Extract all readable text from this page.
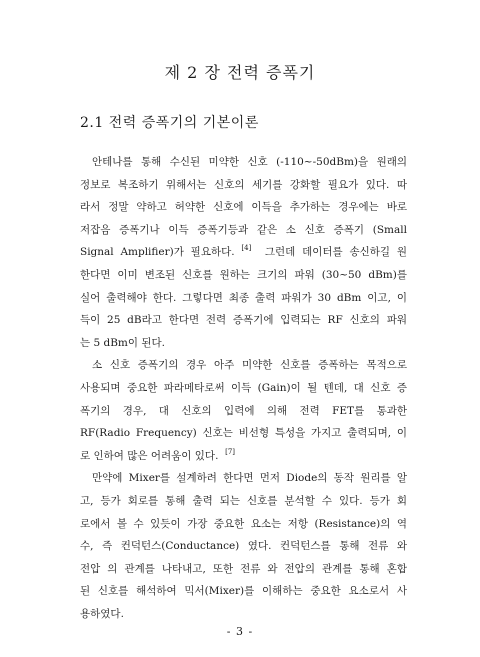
제 2 장 전력 증폭기
2.1 전력 증폭기의 기본이론
안테나를 통해 수신된 미약한 신호 (-110~-50dBm)을 원래의
정보로 복조하기 위해서는 신호의 세기를 강화할 필요가 있다. 따
라서 정말 약하고 허약한 신호에 이득을 추가하는 경우에는 바로
저잡음 증폭기나 이득 증폭기등과 같은 소 신호 증폭기 (Small
Signal Amplifier)가 필요하다. [4] 그런데 데이터를 송신하길 원
한다면 이미 변조된 신호를 원하는 크기의 파워 (30~50 dBm)를
실어 출력해야 한다. 그렇다면 최종 출력 파워가 30 dBm 이고, 이
득이 25 dB라고 한다면 전력 증폭기에 입력되는 RF 신호의 파워
는 5 dBm이 된다.
소 신호 증폭기의 경우 아주 미약한 신호를 증폭하는 목적으로
사용되며 중요한 파라메타로써 이득 (Gain)이 될 텐데, 대 신호 증
폭기의 경우, 대 신호의 입력에 의해 전력 FET를 통과한
RF(Radio Frequency) 신호는 비선형 특성을 가지고 출력되며, 이
로 인하여 많은 어려움이 있다. [7]
만약에 Mixer를 설계하려 한다면 먼저 Diode의 동작 원리를 알
고, 등가 회로를 통해 출력 되는 신호를 분석할 수 있다. 등가 회
로에서 볼 수 있듯이 가장 중요한 요소는 저항 (Resistance)의 역
수, 즉 컨덕턴스(Conductance) 였다. 컨덕턴스를 통해 전류 와
전압 의 관계를 나타내고, 또한 전류 와 전압의 관계를 통해 혼합
된 신호를 해석하여 믹서(Mixer)를 이해하는 중요한 요소로서 사
용하였다.
- 3 -
